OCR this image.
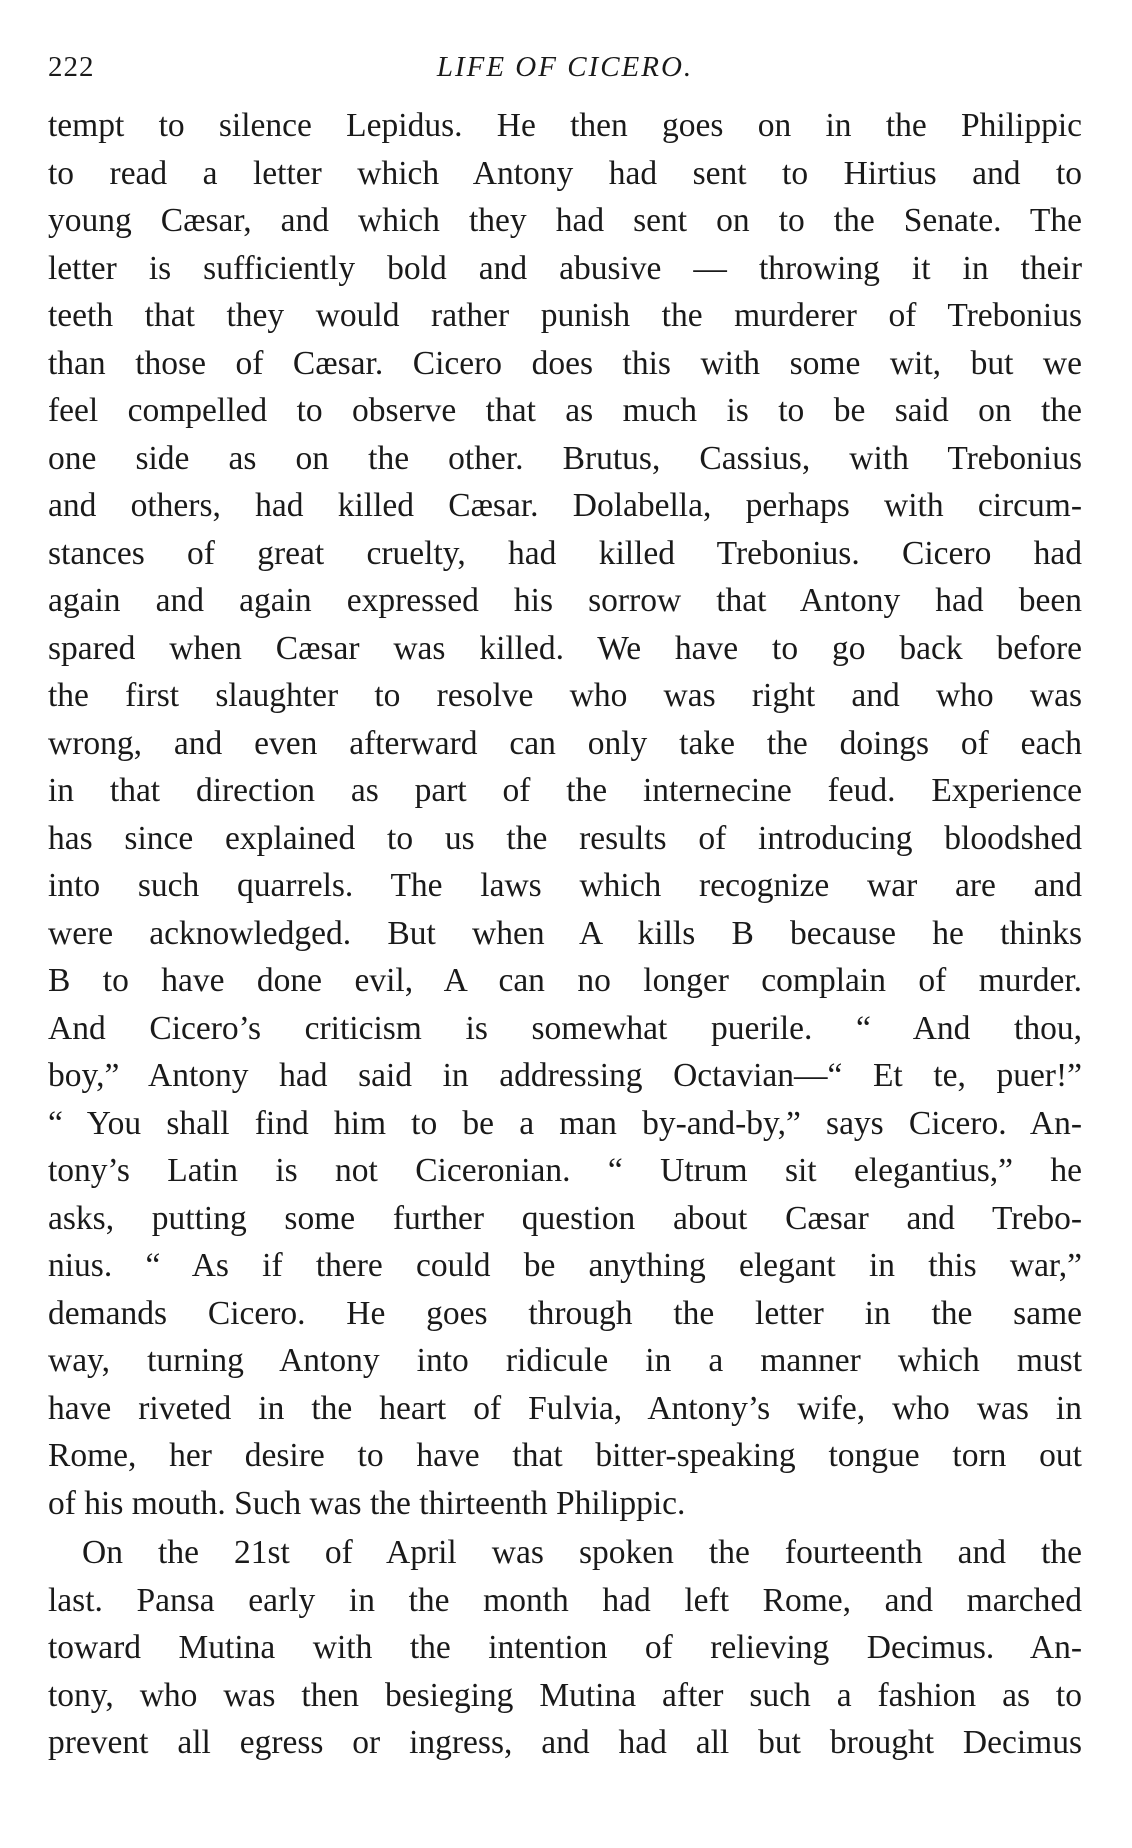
222	LIFE OF CICERO.
tempt to silence Lepidus. He then goes on in the Philippic
to read a letter which Antony had sent to Hirtius and to
young Cæsar, and which they had sent on to the Senate. The
letter is sufficiently bold and abusive — throwing it in their
teeth that they would rather punish the murderer of Trebonius
than those of Cæsar. Cicero does this with some wit, but we
feel compelled to observe that as much is to be said on the
one side as on the other. Brutus, Cassius, with Trebonius
and others, had killed Cæsar. Dolabella, perhaps with circum-
stances of great cruelty, had killed Trebonius. Cicero had
again and again expressed his sorrow that Antony had been
spared when Cæsar was killed. We have to go back before
the first slaughter to resolve who was right and who was
wrong, and even afterward can only take the doings of each
in that direction as part of the internecine feud. Experience
has since explained to us the results of introducing bloodshed
into such quarrels. The laws which recognize war are and
were acknowledged. But when A kills B because he thinks
B to have done evil, A can no longer complain of murder.
And Cicero’s criticism is somewhat puerile. “ And thou,
boy,” Antony had said in addressing Octavian—“ Et te, puer!”
“ You shall find him to be a man by-and-by,” says Cicero. An-
tony’s Latin is not Ciceronian. “ Utrum sit elegantius,” he
asks, putting some further question about Cæsar and Trebo-
nius. “ As if there could be anything elegant in this war,”
demands Cicero. He goes through the letter in the same
way, turning Antony into ridicule in a manner which must
have riveted in the heart of Fulvia, Antony’s wife, who was in
Rome, her desire to have that bitter-speaking tongue torn out
of his mouth. Such was the thirteenth Philippic.
On the 21st of April was spoken the fourteenth and the
last. Pansa early in the month had left Rome, and marched
toward Mutina with the intention of relieving Decimus. An-
tony, who was then besieging Mutina after such a fashion as to
prevent all egress or ingress, and had all but brought Decimus
